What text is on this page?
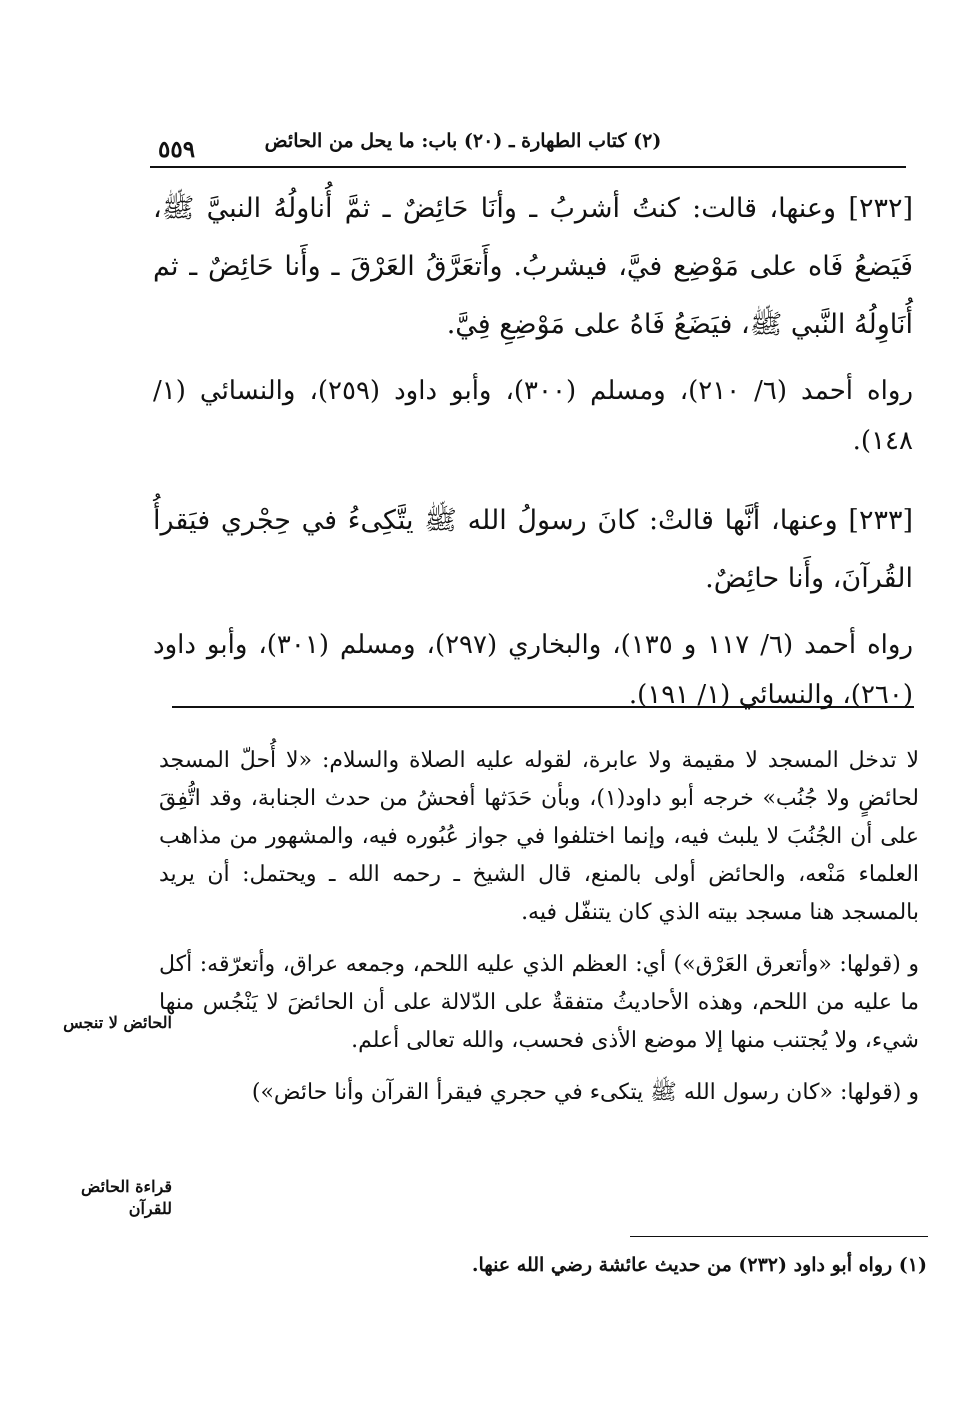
(٢) كتاب الطهارة ـ (٢٠) باب: ما يحل من الحائض
٥٥٩

[٢٣٢] وعنها، قالت: كنتُ أشربُ ـ وأنَا حَائِضٌ ـ ثمَّ أُناولُهُ النبيَّ ﷺ، فَيَضعُ فَاه على مَوْضِع فيَّ، فيشربُ. وأَتعَرَّقُ العَرْقَ ـ وأَنا حَائِضٌ ـ ثم أُنَاوِلُهُ النَّبي ﷺ، فيَضَعُ فَاهُ على مَوْضِعِ فِيَّ.

رواه أحمد (٦/ ٢١٠)، ومسلم (٣٠٠)، وأبو داود (٢٥٩)، والنسائي (١/ ١٤٨).

[٢٣٣] وعنها، أنَّها قالتْ: كانَ رسولُ الله ﷺ يتَّكِىءُ في حِجْري فيَقرأُ القُرآنَ، وأَنا حائِضٌ.

رواه أحمد (٦/ ١١٧ و ١٣٥)، والبخاري (٢٩٧)، ومسلم (٣٠١)، وأبو داود (٢٦٠)، والنسائي (١/ ١٩١).

لا تدخل المسجد لا مقيمة ولا عابرة، لقوله عليه الصلاة والسلام: «لا أُحلّ المسجد لحائضٍ ولا جُنُب» خرجه أبو داود(١)، وبأن حَدَثها أفحشُ من حدث الجنابة، وقد اتُّفِقَ على أن الجُنُبَ لا يلبث فيه، وإنما اختلفوا في جواز عُبُوره فيه، والمشهور من مذاهب العلماء مَنْعه، والحائض أولى بالمنع، قال الشيخ ـ رحمه الله ـ ويحتمل: أن يريد بالمسجد هنا مسجد بيته الذي كان يتنفّل فيه.

و (قولها: «وأتعرق العَرْق») أي: العظم الذي عليه اللحم، وجمعه عراق، وأتعرّقه: أكل ما عليه من اللحم، وهذه الأحاديثُ متفقةٌ على الدّلالة على أن الحائضَ لا يَنْجُس منها شيء، ولا يُجتنب منها إلا موضع الأذى فحسب، والله تعالى أعلم.

و (قولها: «كان رسول الله ﷺ يتكىء في حجري فيقرأ القرآن وأنا حائض»)

الحائض لا تنجس
قراءة الحائض للقرآن
(١) رواه أبو داود (٢٣٢) من حديث عائشة رضي الله عنها.
